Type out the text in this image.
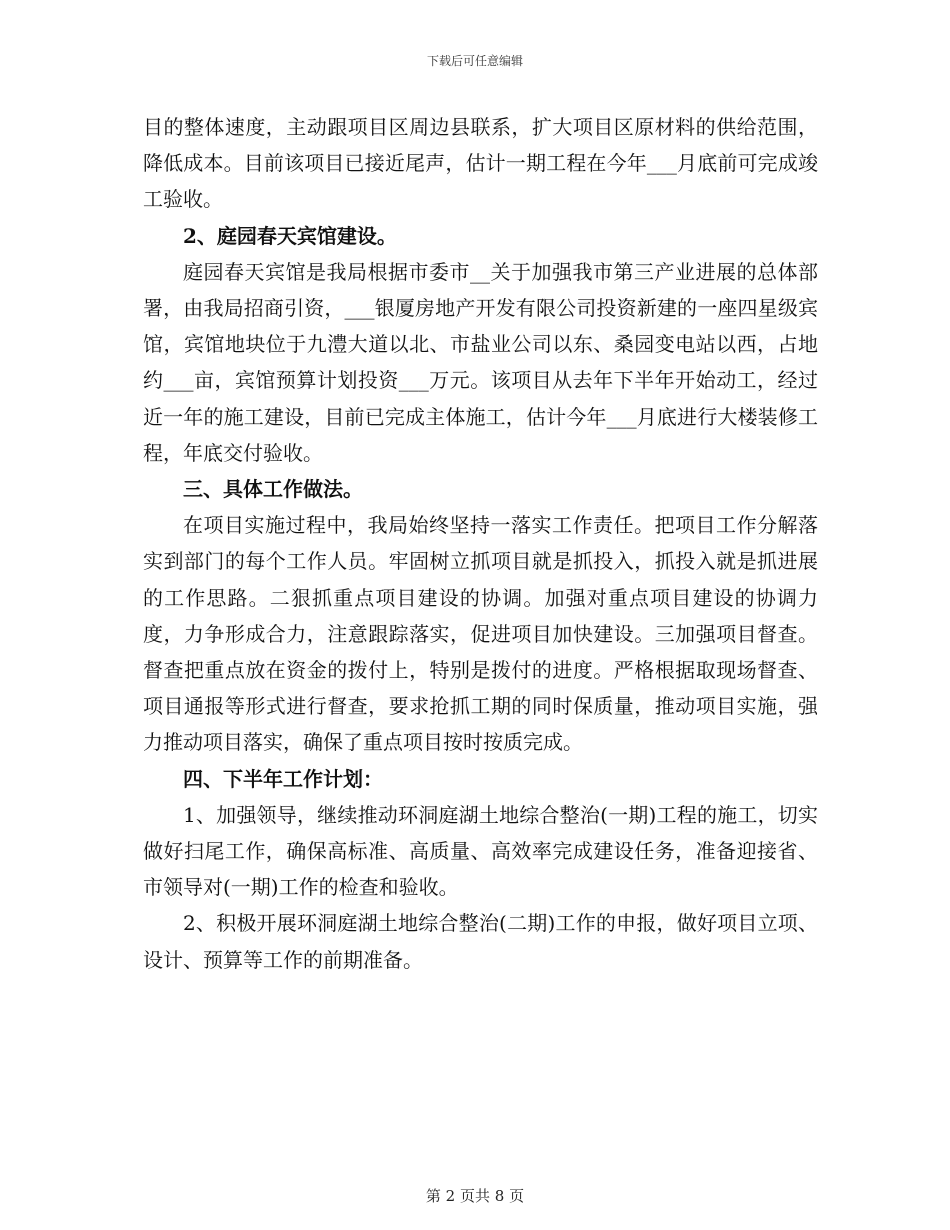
下载后可任意编辑

目的整体速度，主动跟项目区周边县联系，扩大项目区原材料的供给范围，降低成本。目前该项目已接近尾声，估计一期工程在今年___月底前可完成竣工验收。

2、庭园春天宾馆建设。

庭园春天宾馆是我局根据市委市__关于加强我市第三产业进展的总体部署，由我局招商引资，___银厦房地产开发有限公司投资新建的一座四星级宾馆，宾馆地块位于九澧大道以北、市盐业公司以东、桑园变电站以西，占地约___亩，宾馆预算计划投资___万元。该项目从去年下半年开始动工，经过近一年的施工建设，目前已完成主体施工，估计今年___月底进行大楼装修工程，年底交付验收。

三、具体工作做法。

在项目实施过程中，我局始终坚持一落实工作责任。把项目工作分解落实到部门的每个工作人员。牢固树立抓项目就是抓投入，抓投入就是抓进展的工作思路。二狠抓重点项目建设的协调。加强对重点项目建设的协调力度，力争形成合力，注意跟踪落实，促进项目加快建设。三加强项目督查。督查把重点放在资金的拨付上，特别是拨付的进度。严格根据取现场督查、项目通报等形式进行督查，要求抢抓工期的同时保质量，推动项目实施，强力推动项目落实，确保了重点项目按时按质完成。

四、下半年工作计划：

1、加强领导，继续推动环洞庭湖土地综合整治(一期)工程的施工，切实做好扫尾工作，确保高标准、高质量、高效率完成建设任务，准备迎接省、市领导对(一期)工作的检查和验收。

2、积极开展环洞庭湖土地综合整治(二期)工作的申报，做好项目立项、设计、预算等工作的前期准备。

第 2 页共 8 页
